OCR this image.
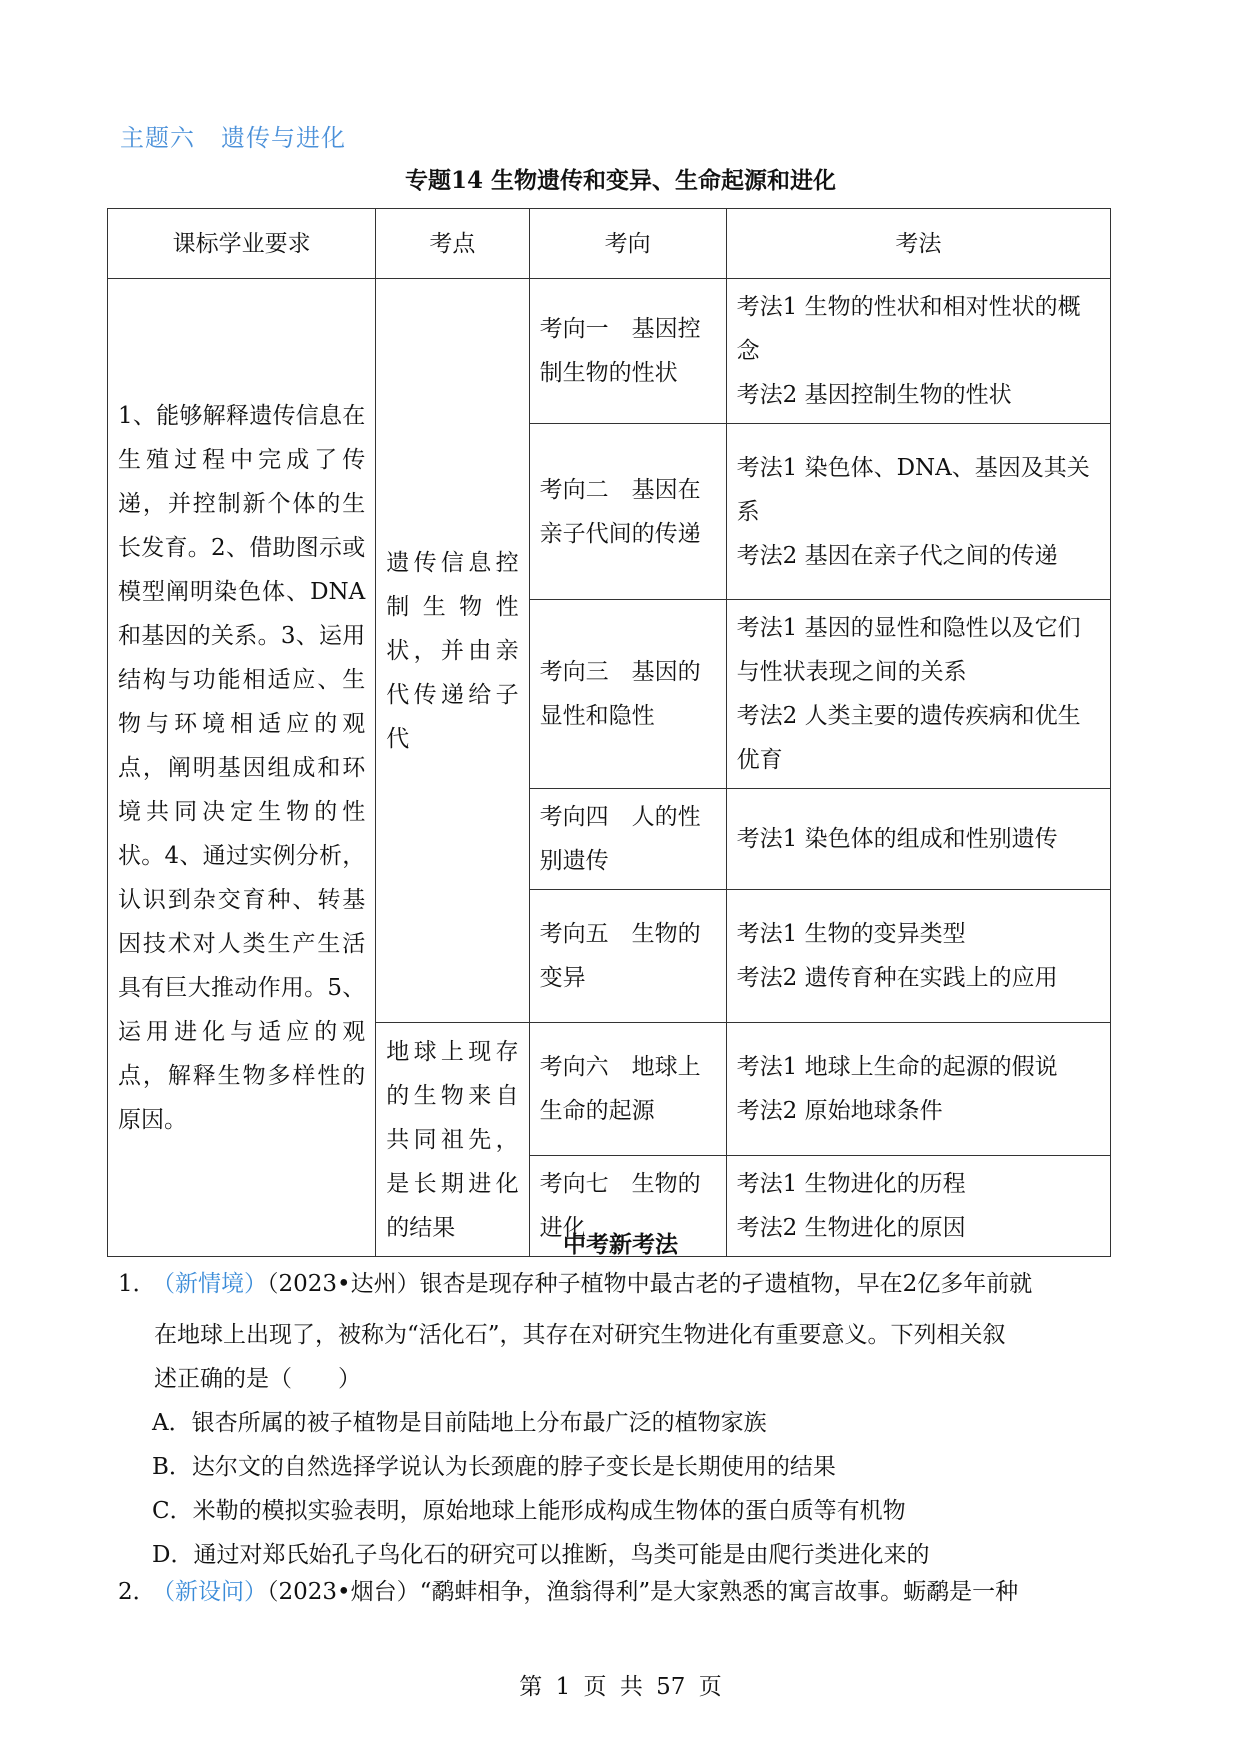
主题六 遗传与进化
专题14 生物遗传和变异、生命起源和进化
课标学业要求	考点	考向	考法
1、能够解释遗传信息在生殖过程中完成了传递，并控制新个体的生长发育。2、借助图示或模型阐明染色体、DNA和基因的关系。3、运用结构与功能相适应、生物与环境相适应的观点，阐明基因组成和环境共同决定生物的性状。4、通过实例分析，认识到杂交育种、转基因技术对人类生产生活具有巨大推动作用。5、运用进化与适应的观点，解释生物多样性的原因。	遗传信息控制生物性状，并由亲代传递给子代	考向一　基因控制生物的性状	考法1 生物的性状和相对性状的概念
考法2 基因控制生物的性状

		考向二　基因在亲子代间的传递	考法1 染色体、DNA、基因及其关系
考法2 基因在亲子代之间的传递

		考向三　基因的显性和隐性	考法1 基因的显性和隐性以及它们与性状表现之间的关系
考法2 人类主要的遗传疾病和优生优育

		考向四　人的性别遗传	考法1 染色体的组成和性别遗传

		考向五　生物的变异	考法1 生物的变异类型
考法2 遗传育种在实践上的应用

	地球上现存的生物来自共同祖先，是长期进化的结果	考向六　地球上生命的起源	考法1 地球上生命的起源的假说
考法2 原始地球条件

		考向七　生物的进化	考法1 生物进化的历程
考法2 生物进化的原因
中考新考法
1．（新情境）（2023•达州）银杏是现存种子植物中最古老的孑遗植物，早在2亿多年前就
在地球上出现了，被称为“活化石”，其存在对研究生物进化有重要意义。下列相关叙
述正确的是（　　）
A．银杏所属的被子植物是目前陆地上分布最广泛的植物家族
B．达尔文的自然选择学说认为长颈鹿的脖子变长是长期使用的结果
C．米勒的模拟实验表明，原始地球上能形成构成生物体的蛋白质等有机物
D．通过对郑氏始孔子鸟化石的研究可以推断，鸟类可能是由爬行类进化来的
2．（新设问）（2023•烟台）“鹬蚌相争，渔翁得利”是大家熟悉的寓言故事。蛎鹬是一种
第 1 页 共 57 页
